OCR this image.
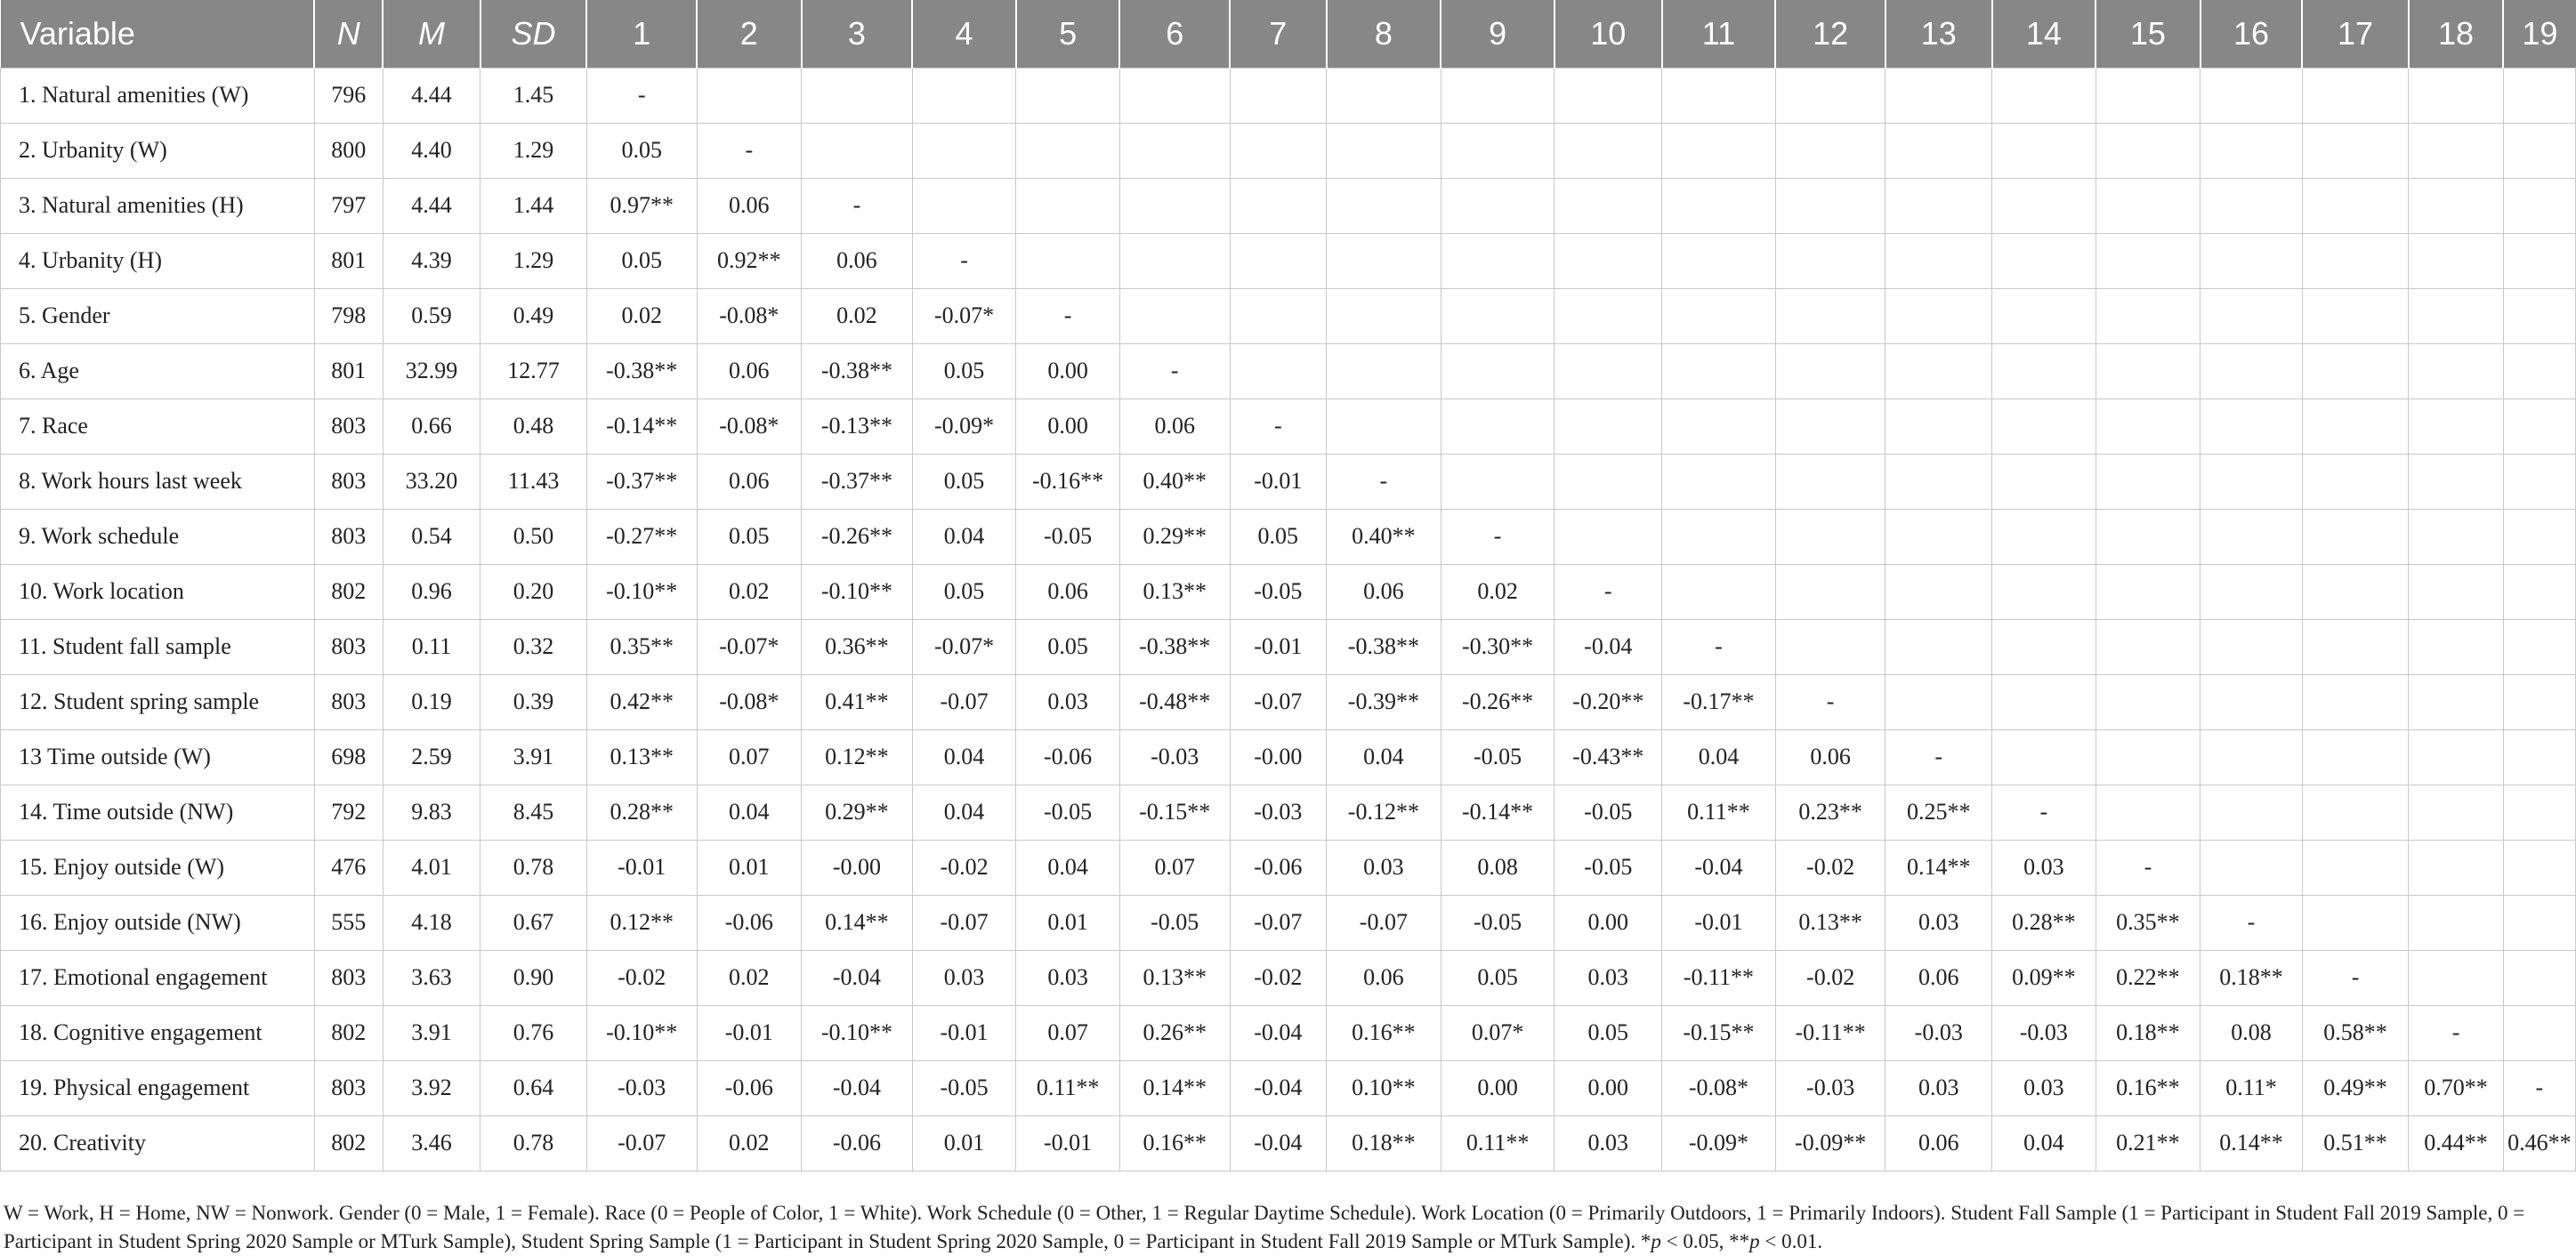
Variable	N	M	SD	1	2	3	4	5	6	7	8	9	10	11	12	13	14	15	16	17	18	19
1. Natural amenities (W)	796	4.44	1.45	-																		
2. Urbanity (W)	800	4.40	1.29	0.05	-																	
3. Natural amenities (H)	797	4.44	1.44	0.97**	0.06	-																
4. Urbanity (H)	801	4.39	1.29	0.05	0.92**	0.06	-															
5. Gender	798	0.59	0.49	0.02	-0.08*	0.02	-0.07*	-														
6. Age	801	32.99	12.77	-0.38**	0.06	-0.38**	0.05	0.00	-													
7. Race	803	0.66	0.48	-0.14**	-0.08*	-0.13**	-0.09*	0.00	0.06	-												
8. Work hours last week	803	33.20	11.43	-0.37**	0.06	-0.37**	0.05	-0.16**	0.40**	-0.01	-											
9. Work schedule	803	0.54	0.50	-0.27**	0.05	-0.26**	0.04	-0.05	0.29**	0.05	0.40**	-										
10. Work location	802	0.96	0.20	-0.10**	0.02	-0.10**	0.05	0.06	0.13**	-0.05	0.06	0.02	-									
11. Student fall sample	803	0.11	0.32	0.35**	-0.07*	0.36**	-0.07*	0.05	-0.38**	-0.01	-0.38**	-0.30**	-0.04	-								
12. Student spring sample	803	0.19	0.39	0.42**	-0.08*	0.41**	-0.07	0.03	-0.48**	-0.07	-0.39**	-0.26**	-0.20**	-0.17**	-							
13 Time outside (W)	698	2.59	3.91	0.13**	0.07	0.12**	0.04	-0.06	-0.03	-0.00	0.04	-0.05	-0.43**	0.04	0.06	-						
14. Time outside (NW)	792	9.83	8.45	0.28**	0.04	0.29**	0.04	-0.05	-0.15**	-0.03	-0.12**	-0.14**	-0.05	0.11**	0.23**	0.25**	-					
15. Enjoy outside (W)	476	4.01	0.78	-0.01	0.01	-0.00	-0.02	0.04	0.07	-0.06	0.03	0.08	-0.05	-0.04	-0.02	0.14**	0.03	-				
16. Enjoy outside (NW)	555	4.18	0.67	0.12**	-0.06	0.14**	-0.07	0.01	-0.05	-0.07	-0.07	-0.05	0.00	-0.01	0.13**	0.03	0.28**	0.35**	-			
17. Emotional engagement	803	3.63	0.90	-0.02	0.02	-0.04	0.03	0.03	0.13**	-0.02	0.06	0.05	0.03	-0.11**	-0.02	0.06	0.09**	0.22**	0.18**	-		
18. Cognitive engagement	802	3.91	0.76	-0.10**	-0.01	-0.10**	-0.01	0.07	0.26**	-0.04	0.16**	0.07*	0.05	-0.15**	-0.11**	-0.03	-0.03	0.18**	0.08	0.58**	-	
19. Physical engagement	803	3.92	0.64	-0.03	-0.06	-0.04	-0.05	0.11**	0.14**	-0.04	0.10**	0.00	0.00	-0.08*	-0.03	0.03	0.03	0.16**	0.11*	0.49**	0.70**	-
20. Creativity	802	3.46	0.78	-0.07	0.02	-0.06	0.01	-0.01	0.16**	-0.04	0.18**	0.11**	0.03	-0.09*	-0.09**	0.06	0.04	0.21**	0.14**	0.51**	0.44**	0.46**

W = Work, H = Home, NW = Nonwork. Gender (0 = Male, 1 = Female). Race (0 = People of Color, 1 = White). Work Schedule (0 = Other, 1 = Regular Daytime Schedule). Work Location (0 = Primarily Outdoors, 1 = Primarily Indoors). Student Fall Sample (1 = Participant in Student Fall 2019 Sample, 0 = Participant in Student Spring 2020 Sample or MTurk Sample), Student Spring Sample (1 = Participant in Student Spring 2020 Sample, 0 = Participant in Student Fall 2019 Sample or MTurk Sample). *p < 0.05, **p < 0.01.
